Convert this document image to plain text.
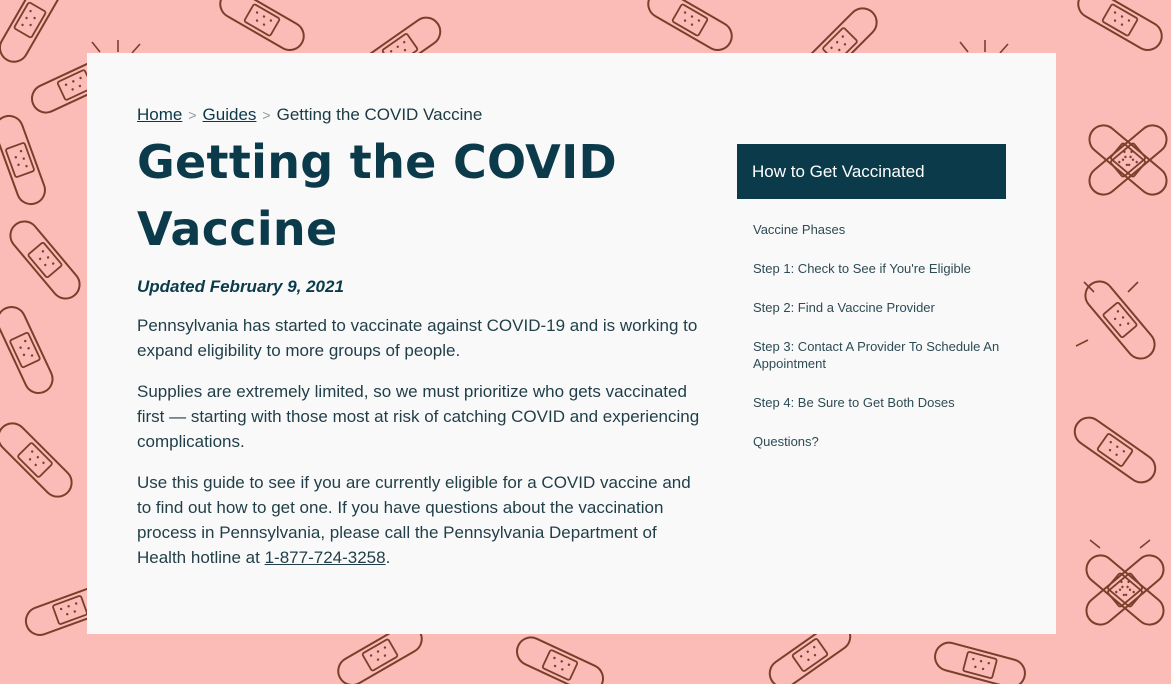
Home > Guides > Getting the COVID Vaccine
Getting the COVID
Vaccine
Updated February 9, 2021

Pennsylvania has started to vaccinate against COVID-19 and is working to expand eligibility to more groups of people.

Supplies are extremely limited, so we must prioritize who gets vaccinated first — starting with those most at risk of catching COVID and experiencing complications.

Use this guide to see if you are currently eligible for a COVID vaccine and to find out how to get one. If you have questions about the vaccination process in Pennsylvania, please call the Pennsylvania Department of Health hotline at 1-877-724-3258.

How to Get Vaccinated
Vaccine Phases
Step 1: Check to See if You're Eligible
Step 2: Find a Vaccine Provider
Step 3: Contact A Provider To Schedule An Appointment
Step 4: Be Sure to Get Both Doses
Questions?
